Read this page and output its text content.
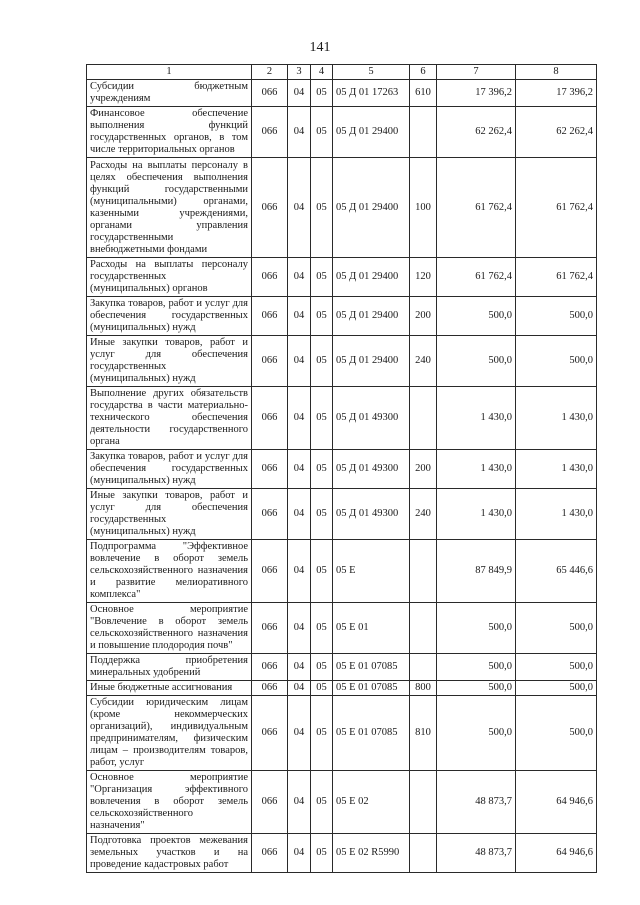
141
1	2	3	4	5	6	7	8
Субсидии бюджетным учреждениям	066	04	05	05 Д 01 17263	610	17 396,2	17 396,2
Финансовое обеспечение выполнения функций государственных органов, в том числе территориальных органов	066	04	05	05 Д 01 29400		62 262,4	62 262,4
Расходы на выплаты персоналу в целях обеспечения выполнения функций государственными (муниципальными) органами, казенными учреждениями, органами управления государственными внебюджетными фондами	066	04	05	05 Д 01 29400	100	61 762,4	61 762,4
Расходы на выплаты персоналу государственных (муниципальных) органов	066	04	05	05 Д 01 29400	120	61 762,4	61 762,4
Закупка товаров, работ и услуг для обеспечения государственных (муниципальных) нужд	066	04	05	05 Д 01 29400	200	500,0	500,0
Иные закупки товаров, работ и услуг для обеспечения государственных (муниципальных) нужд	066	04	05	05 Д 01 29400	240	500,0	500,0
Выполнение других обязательств государства в части материально-технического обеспечения деятельности государственного органа	066	04	05	05 Д 01 49300		1 430,0	1 430,0
Закупка товаров, работ и услуг для обеспечения государственных (муниципальных) нужд	066	04	05	05 Д 01 49300	200	1 430,0	1 430,0
Иные закупки товаров, работ и услуг для обеспечения государственных (муниципальных) нужд	066	04	05	05 Д 01 49300	240	1 430,0	1 430,0
Подпрограмма "Эффективное вовлечение в оборот земель сельскохозяйственного назначения и развитие мелиоративного комплекса"	066	04	05	05 Е		87 849,9	65 446,6
Основное мероприятие "Вовлечение в оборот земель сельскохозяйственного назначения и повышение плодородия почв"	066	04	05	05 Е 01		500,0	500,0
Поддержка приобретения минеральных удобрений	066	04	05	05 Е 01 07085		500,0	500,0
Иные бюджетные ассигнования	066	04	05	05 Е 01 07085	800	500,0	500,0
Субсидии юридическим лицам (кроме некоммерческих организаций), индивидуальным предпринимателям, физическим лицам – производителям товаров, работ, услуг	066	04	05	05 Е 01 07085	810	500,0	500,0
Основное мероприятие "Организация эффективного вовлечения в оборот земель сельскохозяйственного назначения"	066	04	05	05 Е 02		48 873,7	64 946,6
Подготовка проектов межевания земельных участков и на проведение кадастровых работ	066	04	05	05 Е 02 R5990		48 873,7	64 946,6
